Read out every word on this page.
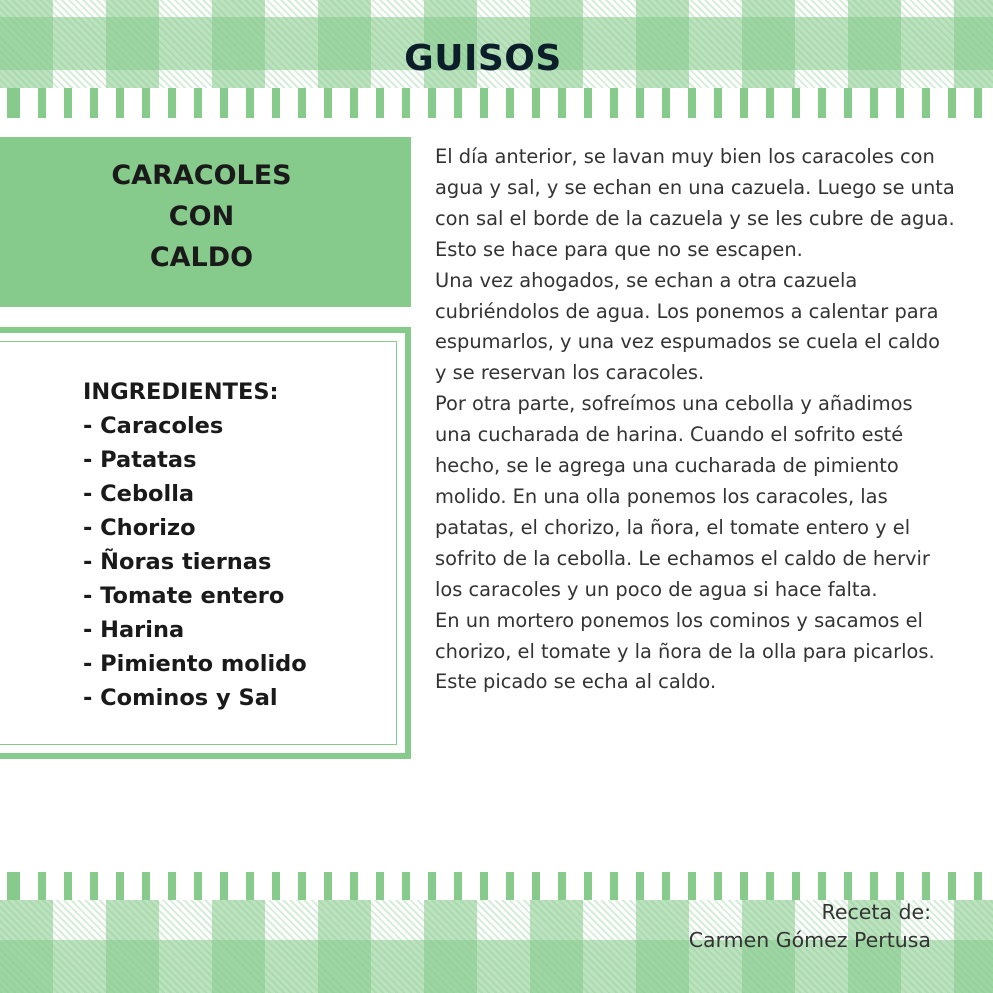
GUISOS
CARACOLES
CON
CALDO
INGREDIENTES:
- Caracoles
- Patatas
- Cebolla
- Chorizo
- Ñoras tiernas
- Tomate entero
- Harina
- Pimiento molido
- Cominos y Sal

El día anterior, se lavan muy bien los caracoles con agua y sal, y se echan en una cazuela. Luego se unta con sal el borde de la cazuela y se les cubre de agua. Esto se hace para que no se escapen.

Una vez ahogados, se echan a otra cazuela cubriéndolos de agua. Los ponemos a calentar para espumarlos, y una vez espumados se cuela el caldo y se reservan los caracoles.

Por otra parte, sofreímos una cebolla y añadimos una cucharada de harina. Cuando el sofrito esté hecho, se le agrega una cucharada de pimiento molido. En una olla ponemos los caracoles, las patatas, el chorizo, la ñora, el tomate entero y el sofrito de la cebolla. Le echamos el caldo de hervir los caracoles y un poco de agua si hace falta.

En un mortero ponemos los cominos y sacamos el chorizo, el tomate y la ñora de la olla para picarlos. Este picado se echa al caldo.

Receta de:
Carmen Gómez Pertusa
